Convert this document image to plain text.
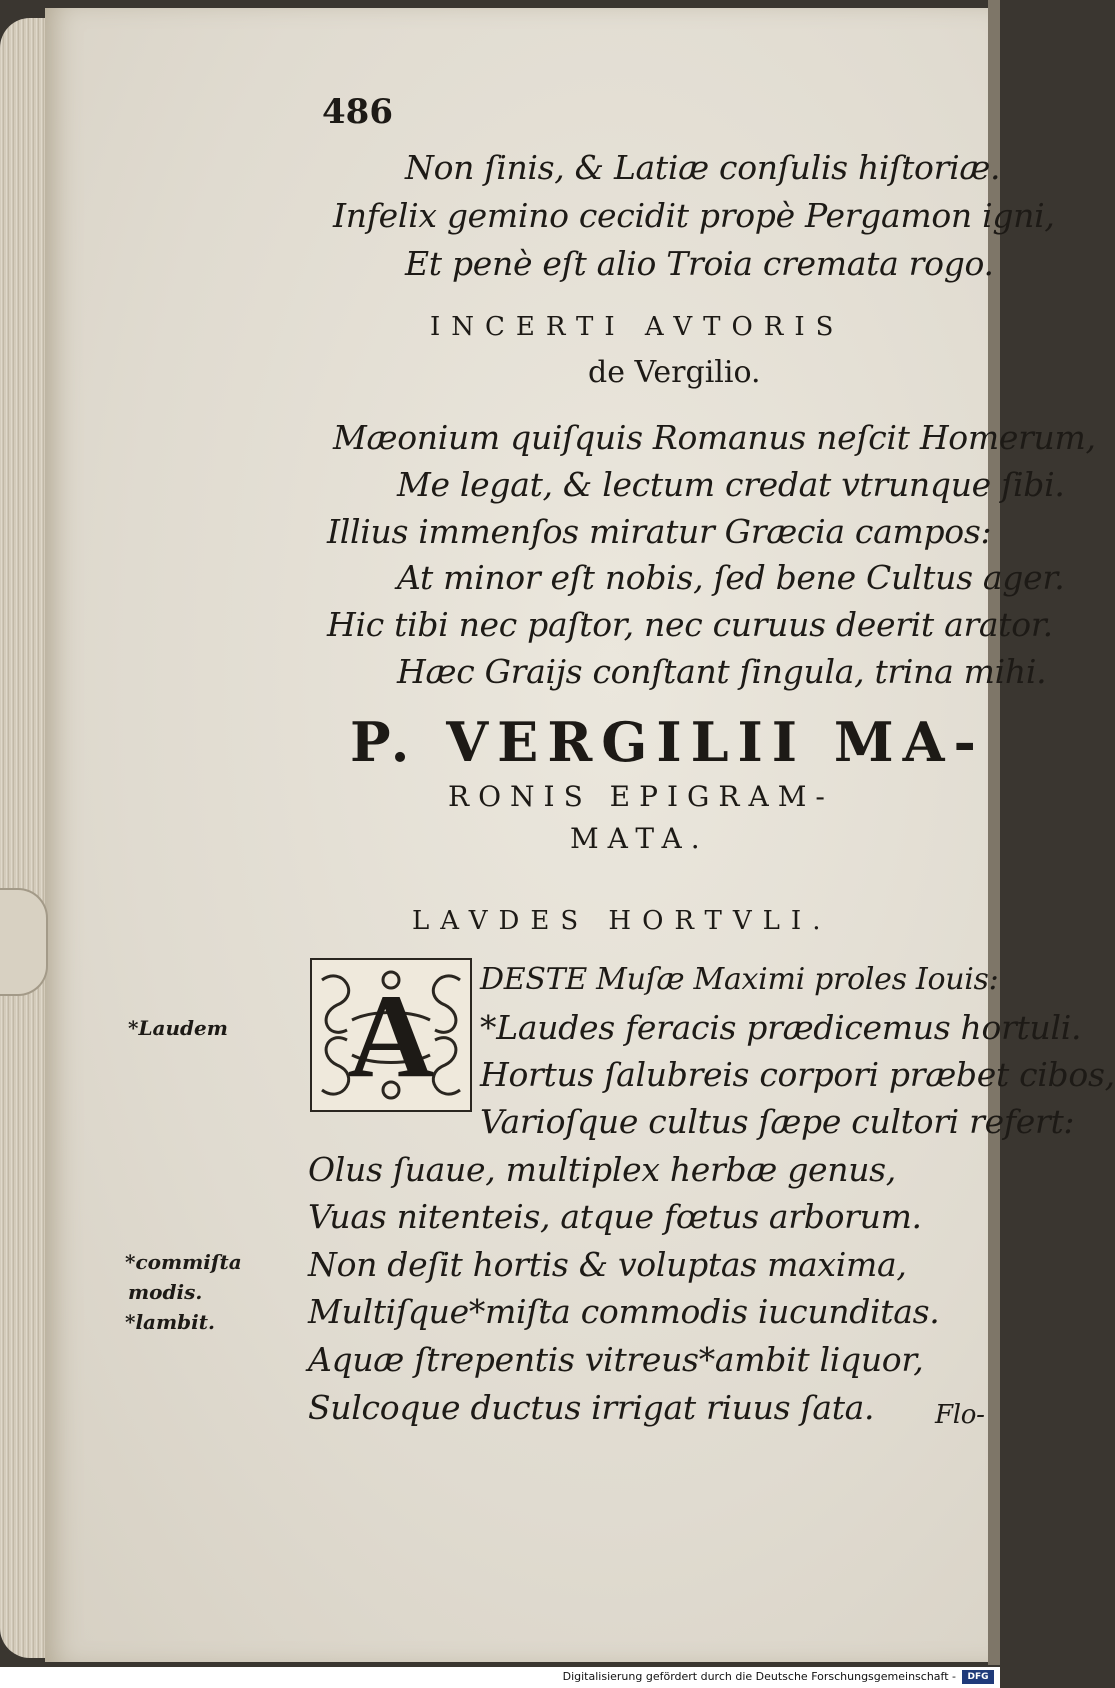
486
Non ſinis, & Latiæ conſulis hiſtoriæ.
Infelix gemino cecidit propè Pergamon igni,
Et penè eſt alio Troia cremata rogo.
INCERTI AVTORIS
de Vergilio.
Mæonium quiſquis Romanus neſcit Homerum,
Me legat, & lectum credat vtrunque ſibi.
Illius immenſos miratur Græcia campos:
At minor eſt nobis, ſed bene Cultus ager.
Hic tibi nec paſtor, nec curuus deerit arator.
Hæc Graijs conſtant ſingula, trina mihi.
P. VERGILII MA-
RONIS EPIGRAM-
MATA.
LAVDES HORTVLI.
A	DESTE Muſæ Maximi proles Iouis:
*Laudes feracis prædicemus hortuli.
Hortus ſalubreis corpori præbet cibos,
Varioſque cultus ſæpe cultori refert:
Olus ſuaue, multiplex herbæ genus,
Vuas nitenteis, atque fœtus arborum.
Non deſit hortis & voluptas maxima,
Multiſque*miſta commodis iucunditas.
Aquæ ſtrepentis vitreus*ambit liquor,
Sulcoque ductus irrigat riuus ſata.
*Laudem
*commiſta
modis.
*lambit.
Flo-
Digitalisierung gefördert durch die Deutsche Forschungsgemeinschaft -	DFG
